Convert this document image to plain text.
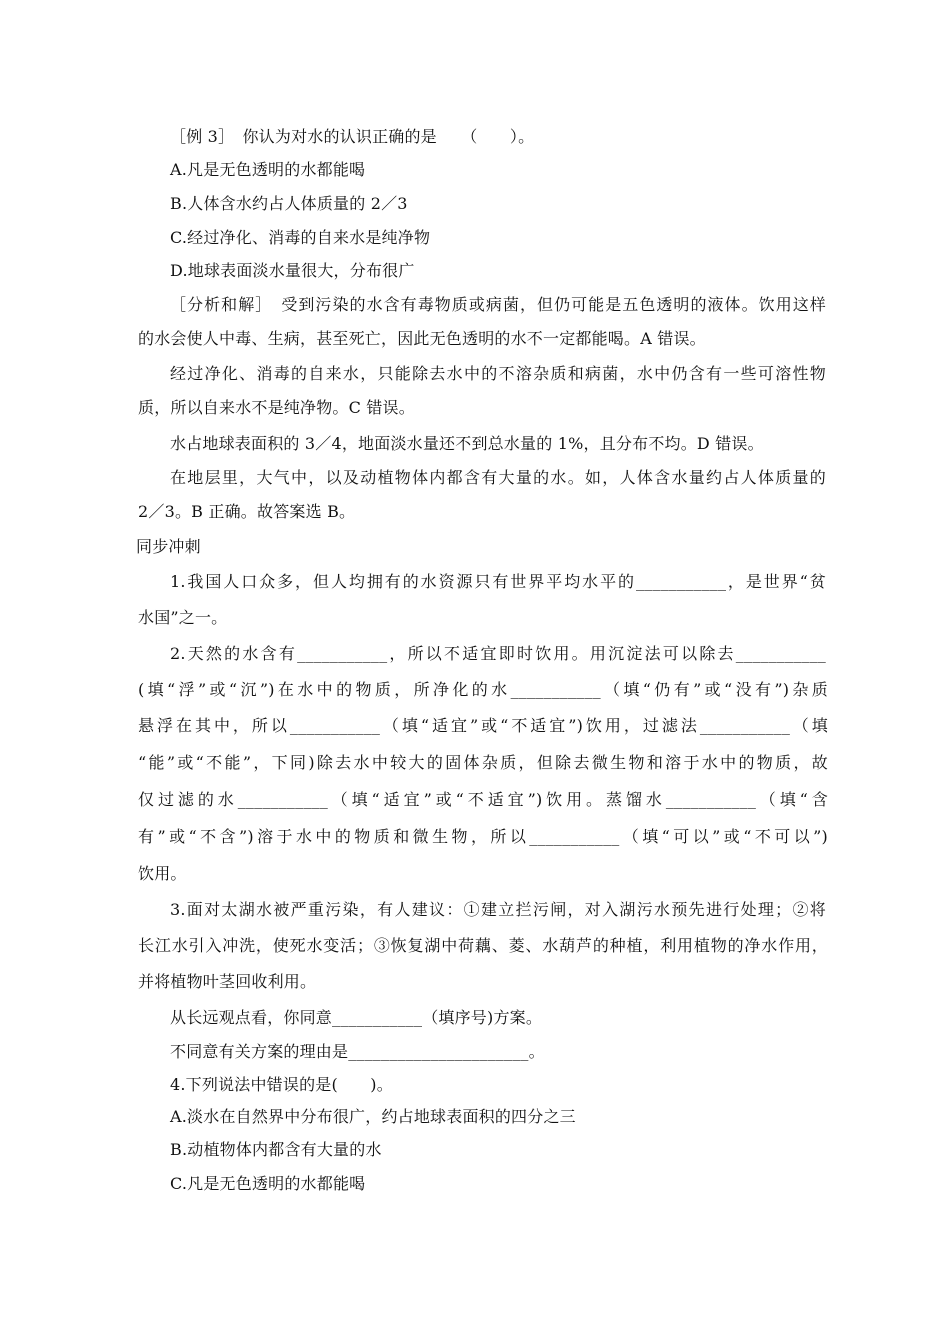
［例 3］　你认为对水的认识正确的是　　（　　）。
A.凡是无色透明的水都能喝
B.人体含水约占人体质量的 2／3
C.经过净化、消毒的自来水是纯净物
D.地球表面淡水量很大，分布很广
［分析和解］　受到污染的水含有毒物质或病菌，但仍可能是五色透明的液体。饮用这样
的水会使人中毒、生病，甚至死亡，因此无色透明的水不一定都能喝。A 错误。
经过净化、消毒的自来水，只能除去水中的不溶杂质和病菌，水中仍含有一些可溶性物
质，所以自来水不是纯净物。C 错误。
水占地球表面积的 3／4，地面淡水量还不到总水量的 1%，且分布不均。D 错误。
在地层里，大气中，以及动植物体内都含有大量的水。如，人体含水量约占人体质量的
2／3。B 正确。故答案选 B。
同步冲刺
1.我国人口众多，但人均拥有的水资源只有世界平均水平的___________，是世界“贫
水国”之一。
2.天然的水含有___________，所以不适宜即时饮用。用沉淀法可以除去___________
(填“浮”或“沉”)在水中的物质，所净化的水___________（填“仍有”或“没有”)杂质
悬浮在其中，所以___________（填“适宜”或“不适宜”)饮用，过滤法___________（填
“能”或“不能”，下同)除去水中较大的固体杂质，但除去微生物和溶于水中的物质，故
仅过滤的水___________（填“适宜”或“不适宜”)饮用。蒸馏水___________（填“含
有”或“不含”)溶于水中的物质和微生物，所以___________（填“可以”或“不可以”)
饮用。
3.面对太湖水被严重污染，有人建议：①建立拦污闸，对入湖污水预先进行处理；②将
长江水引入冲洗，使死水变活；③恢复湖中荷藕、菱、水葫芦的种植，利用植物的净水作用，
并将植物叶茎回收利用。
从长远观点看，你同意___________（填序号)方案。
不同意有关方案的理由是______________________。
4.下列说法中错误的是(　　)。
A.淡水在自然界中分布很广，约占地球表面积的四分之三
B.动植物体内都含有大量的水
C.凡是无色透明的水都能喝
